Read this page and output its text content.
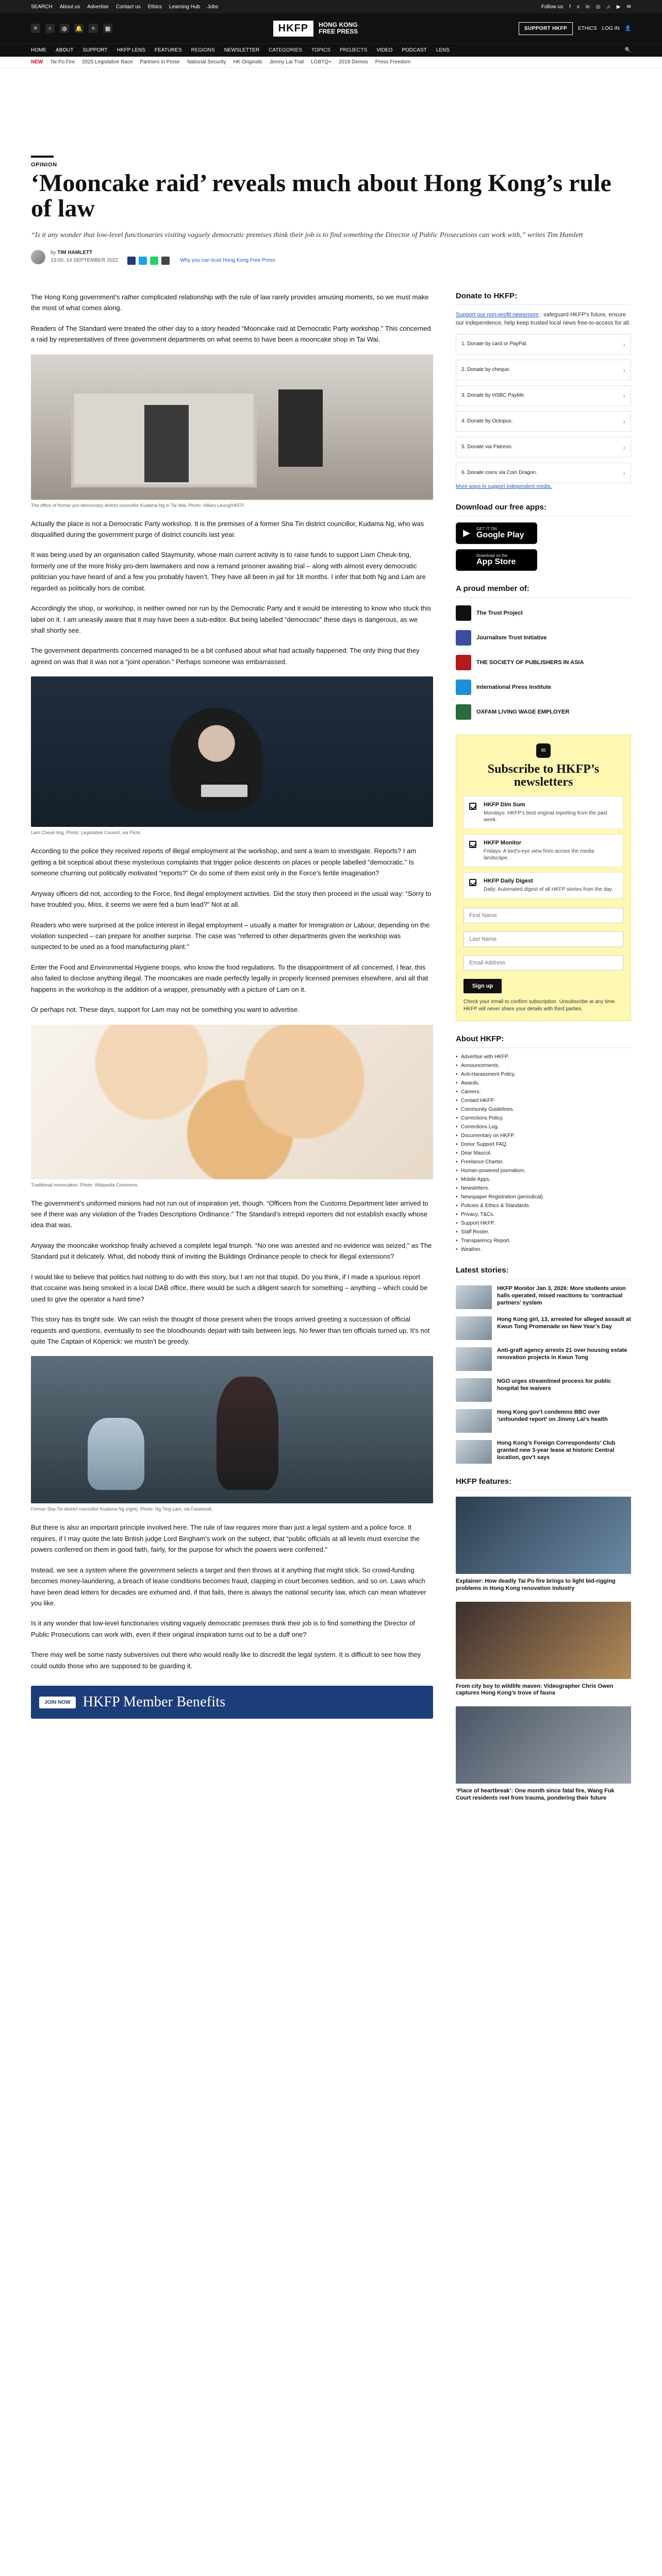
SEARCH About us Advertise Contact us Ethics Learning Hub Jobs	Follow us f x in ◎ ♫ ▶ ✉
≡	⌕	◍	🔔	⟡	▦	HKFP	HONG KONG
FREE PRESS	SUPPORT HKFP	ETHICS LOG IN 👤
HOME ABOUT SUPPORT HKFP LENS FEATURES REGIONS NEWSLETTER CATEGORIES TOPICS PROJECTS VIDEO PODCAST LENS	🔍
NEW Tai Po Fire 2025 Legislative Race Partners in Prose National Security HK Originals Jimmy Lai Trial LGBTQ+ 2019 Demos Press Freedom
OPINION
‘Mooncake raid’ reveals much about Hong Kong’s rule of law
“Is it any wonder that low-level functionaries visiting vaguely democratic premises think their job is to find something the Director of Public Prosecutions can work with,” writes Tim Hamlett
by TIM HAMLETT
13:00, 14 SEPTEMBER 2022	Why you can trust Hong Kong Free Press

The Hong Kong government’s rather complicated relationship with the rule of law rarely provides amusing moments, so we must make the most of what comes along.

Readers of The Standard were treated the other day to a story headed “Mooncake raid at Democratic Party workshop.” This concerned a raid by representatives of three government departments on what seems to have been a mooncake shop in Tai Wai.

The office of former pro-democracy district councillor Kudama Ng in Tai Wai. Photo: Hillary Leung/HKFP.

Actually the place is not a Democratic Party workshop. It is the premises of a former Sha Tin district councillor, Kudama Ng, who was disqualified during the government purge of district councils last year.

It was being used by an organisation called Staymunity, whose main current activity is to raise funds to support Liam Cheuk-ting, formerly one of the more frisky pro-dem lawmakers and now a remand prisoner awaiting trial – along with almost every democratic politician you have heard of and a few you probably haven’t. They have all been in jail for 18 months. I infer that both Ng and Lam are regarded as politically hors de combat.

Accordingly the shop, or workshop, is neither owned nor run by the Democratic Party and it would be interesting to know who stuck this label on it. I am uneasily aware that it may have been a sub-editor. But being labelled “democratic” these days is dangerous, as we shall shortly see.

The government departments concerned managed to be a bit confused about what had actually happened. The only thing that they agreed on was that it was not a “joint operation.” Perhaps someone was embarrassed.

Lam Cheuk-ting. Photo: Legislative Council, via Flickr.

According to the police they received reports of illegal employment at the workshop, and sent a team to investigate. Reports? I am getting a bit sceptical about these mysterious complaints that trigger police descents on places or people labelled “democratic.” Is someone churning out politically motivated “reports?” Or do some of them exist only in the Force’s fertile imagination?

Anyway officers did not, according to the Force, find illegal employment activities. Did the story then proceed in the usual way: “Sorry to have troubled you, Miss, it seems we were fed a bum lead?” Not at all.

Readers who were surprised at the police interest in illegal employment – usually a matter for Immigration or Labour, depending on the violation suspected – can prepare for another surprise. The case was “referred to other departments given the workshop was suspected to be used as a food manufacturing plant.”

Enter the Food and Environmental Hygiene troops, who know the food regulations. To the disappointment of all concerned, I fear, this also failed to disclose anything illegal. The mooncakes are made perfectly legally in properly licensed premises elsewhere, and all that happens in the workshop is the addition of a wrapper, presumably with a picture of Lam on it.

Or perhaps not. These days, support for Lam may not be something you want to advertise.

Traditional mooncakes. Photo: Wikipedia Commons.

The government’s uniformed minions had not run out of inspiration yet, though. “Officers from the Customs Department later arrived to see if there was any violation of the Trades Descriptions Ordinance.” The Standard’s intrepid reporters did not establish exactly whose idea that was.

Anyway the mooncake workshop finally achieved a complete legal triumph. “No one was arrested and no evidence was seized,” as The Standard put it delicately. What, did nobody think of inviting the Buildings Ordinance people to check for illegal extensions?

I would like to believe that politics had nothing to do with this story, but I am not that stupid. Do you think, if I made a spurious report that cocaine was being smoked in a local DAB office, there would be such a diligent search for something – anything – which could be used to give the operator a hard time?

This story has its bright side. We can relish the thought of those present when the troops arrived greeting a succession of official requests and questions, eventually to see the bloodhounds depart with tails between legs. No fewer than ten officials turned up. It’s not quite The Captain of Köpenick: we mustn’t be greedy.

Former Sha Tin district councillor Kudama Ng (right). Photo: Ng Ting Lam, via Facebook.

But there is also an important principle involved here. The rule of law requires more than just a legal system and a police force. It requires, if I may quote the late British judge Lord Bingham’s work on the subject, that “public officials at all levels must exercise the powers conferred on them in good faith, fairly, for the purpose for which the powers were conferred.”

Instead, we see a system where the government selects a target and then throws at it anything that might stick. So crowd-funding becomes money-laundering, a breach of lease conditions becomes fraud, clapping in court becomes sedition, and so on. Laws which have been dead letters for decades are exhumed and, if that fails, there is always the national security law, which can mean whatever you like.

Is it any wonder that low-level functionaries visiting vaguely democratic premises think their job is to find something the Director of Public Prosecutions can work with, even if their original inspiration turns out to be a duff one?

There may well be some nasty subversives out there who would really like to discredit the legal system. It is difficult to see how they could outdo those who are supposed to be guarding it.

JOIN NOW HKFP Member Benefits
Donate to HKFP:
Support our non-profit newsroom : safeguard HKFP’s future, ensure our independence, help keep trusted local news free-to-access for all.
1. Donate by card or PayPal.	›
2. Donate by cheque.	›
3. Donate by HSBC PayMe.	›
4. Donate by Octopus.	›
5. Donate via Patreon.	›
6. Donate coins via Coin Dragon.	›
More ways to support independent media.
Download our free apps:
▶ GET IT ON
Google Play
Download on the
App Store
A proud member of:
The Trust Project
Journalism Trust Initiative
THE SOCIETY OF PUBLISHERS IN ASIA
International Press Institute
OXFAM LIVING WAGE EMPLOYER
✉
Subscribe to HKFP’s newsletters
HKFP Dim Sum
Mondays: HKFP’s best original reporting from the past week.
HKFP Monitor
Fridays: A bird’s-eye view from across the media landscape.
HKFP Daily Digest
Daily: Automated digest of all HKFP stories from the day.
First Name Last Name Email Address
Sign up
Check your email to confirm subscription. Unsubscribe at any time. HKFP will never share your details with third parties.
About HKFP:
• Advertise with HKFP.
• Announcements.
• Anti-Harassment Policy.
• Awards.
• Careers.
• Contact HKFP.
• Community Guidelines.
• Corrections Policy.
• Corrections Log.
• Documentary on HKFP.
• Donor Support FAQ.
• Dear Mascot.
• Freelance Charter.
• Human-powered journalism.
• Mobile Apps.
• Newsletters.
• Newspaper Registration (periodical).
• Policies & Ethics & Standards.
• Privacy, T&Cs.
• Support HKFP.
• Staff Roster.
• Transparency Report.
• Weather.
Latest stories:
HKFP Monitor Jan 3, 2026: More students union halls operated, mixed reactions to ‘contractual partners’ system
Hong Kong girl, 13, arrested for alleged assault at Kwun Tong Promenade on New Year’s Day
Anti-graft agency arrests 21 over housing estate renovation projects in Kwun Tong
NGO urges streamlined process for public hospital fee waivers
Hong Kong gov’t condemns BBC over ‘unfounded report’ on Jimmy Lai’s health
Hong Kong’s Foreign Correspondents’ Club granted new 3-year lease at historic Central location, gov’t says
HKFP features:
Explainer: How deadly Tai Po fire brings to light bid-rigging problems in Hong Kong renovation industry
From city boy to wildlife maven: Videographer Chris Owen captures Hong Kong’s trove of fauna
‘Place of heartbreak’: One month since fatal fire, Wang Fuk Court residents reel from trauma, pondering their future
